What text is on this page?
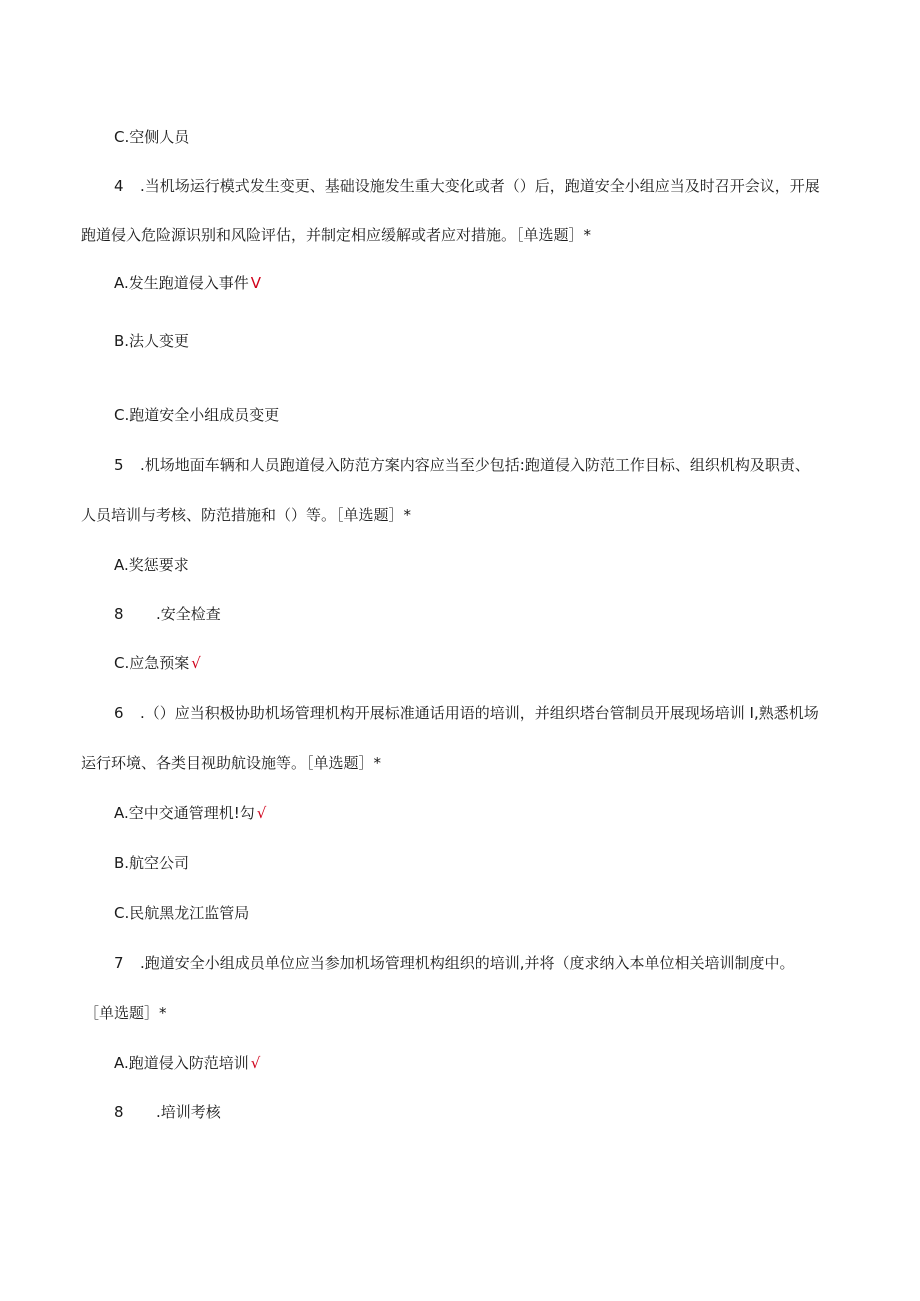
C.空侧人员
4 .当机场运行模式发生变更、基础设施发生重大变化或者（）后，跑道安全小组应当及时召开会议，开展
跑道侵入危险源识别和风险评估，并制定相应缓解或者应对措施。［单选题］*
A.发生跑道侵入事件 V
B.法人变更
C.跑道安全小组成员变更
5 .机场地面车辆和人员跑道侵入防范方案内容应当至少包括:跑道侵入防范工作目标、组织机构及职责、
人员培训与考核、防范措施和（）等。［单选题］*
A.奖惩要求
8 .安全检查
C.应急预案 √
6 .（）应当积极协助机场管理机构开展标准通话用语的培训，并组织塔台管制员开展现场培训 I,熟悉机场
运行环境、各类目视助航设施等。［单选题］*
A.空中交通管理机!勾 √
B.航空公司
C.民航黑龙江监管局
7 .跑道安全小组成员单位应当参加机场管理机构组织的培训,并将（度求纳入本单位相关培训制度中。
［单选题］*
A.跑道侵入防范培训 √
8 .培训考核
